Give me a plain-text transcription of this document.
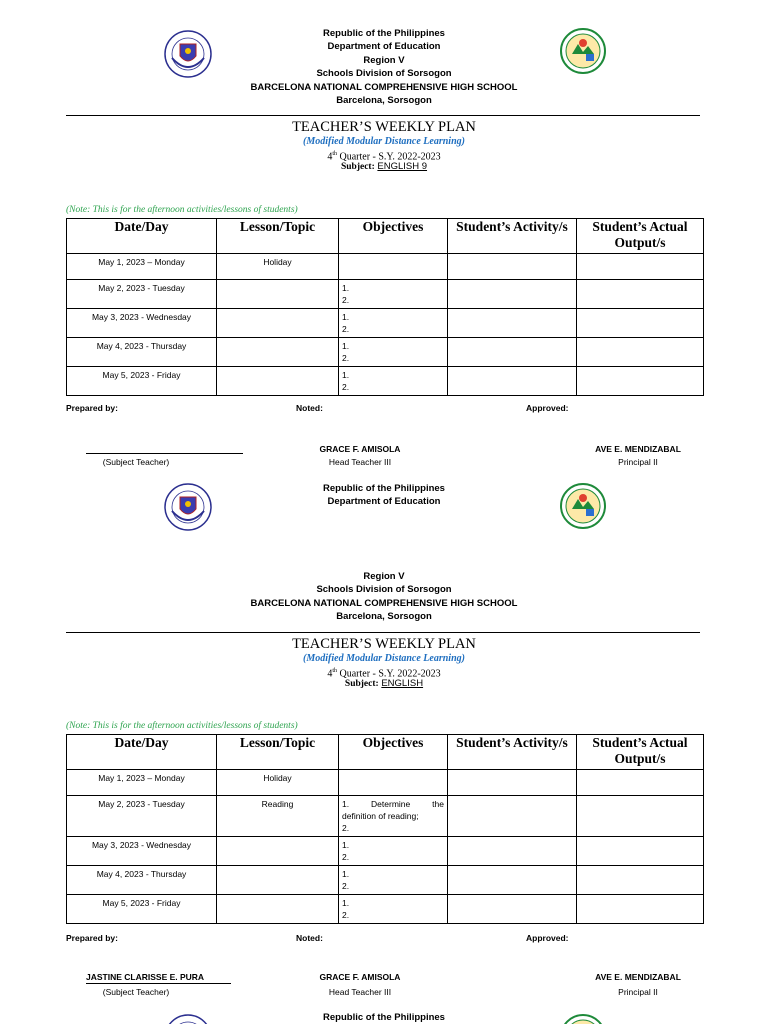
Republic of the Philippines
Department of Education
Region V
Schools Division of Sorsogon
BARCELONA NATIONAL COMPREHENSIVE HIGH SCHOOL
Barcelona, Sorsogon
TEACHER’S WEEKLY PLAN
(Modified Modular Distance Learning)
4th Quarter - S.Y. 2022-2023
Subject: ENGLISH 9
(Note: This is for the afternoon activities/lessons of students)
Date/Day	Lesson/Topic	Objectives	Student’s Activity/s	Student’s Actual Output/s
May 1, 2023 – Monday	Holiday			
May 2, 2023 - Tuesday		1.
2.		

May 3, 2023 - Wednesday		1.
2.		

May 4, 2023 - Thursday		1.
2.		

May 5, 2023 - Friday		1.
2.		

Prepared by:	Noted:	Approved:
(Subject Teacher)
GRACE F. AMISOLA
Head Teacher III
AVE E. MENDIZABAL
Principal II
Republic of the Philippines
Department of Education
Region V
Schools Division of Sorsogon
BARCELONA NATIONAL COMPREHENSIVE HIGH SCHOOL
Barcelona, Sorsogon
TEACHER’S WEEKLY PLAN
(Modified Modular Distance Learning)
4th Quarter - S.Y. 2022-2023
Subject: ENGLISH
(Note: This is for the afternoon activities/lessons of students)
Date/Day	Lesson/Topic	Objectives	Student’s Activity/s	Student’s Actual Output/s
May 1, 2023 – Monday	Holiday			
May 2, 2023 - Tuesday	Reading	1. Determine the
definition of reading;
2.		

May 3, 2023 - Wednesday		1.
2.		

May 4, 2023 - Thursday		1.
2.		

May 5, 2023 - Friday		1.
2.		

Prepared by:	Noted:	Approved:
JASTINE CLARISSE E. PURA
(Subject Teacher)
GRACE F. AMISOLA
Head Teacher III
AVE E. MENDIZABAL
Principal II
Republic of the Philippines
